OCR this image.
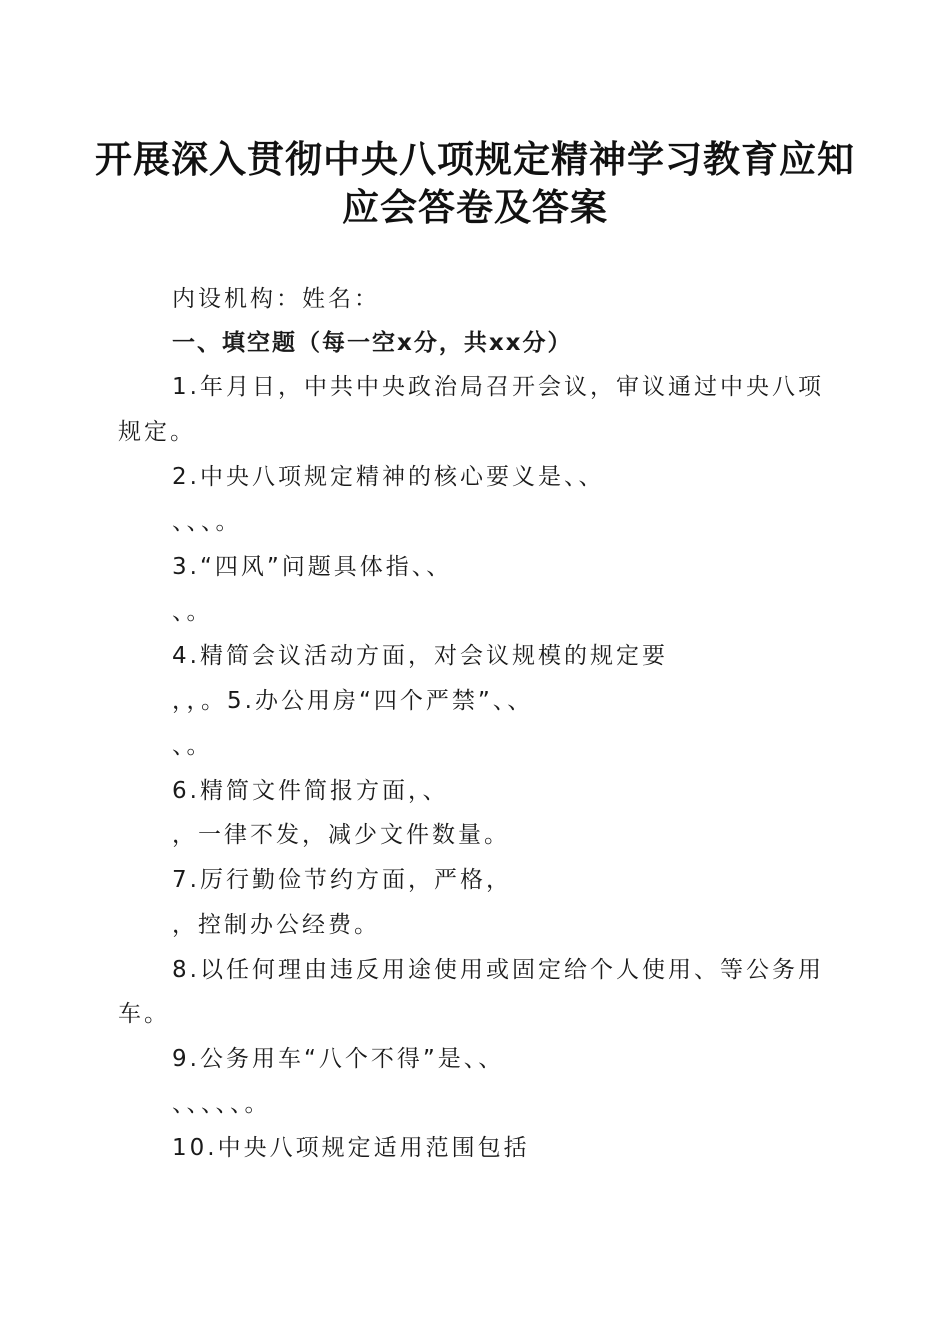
开展深入贯彻中央八项规定精神学习教育应知
应会答卷及答案
内设机构：姓名：
一、填空题（每一空x分，共xx分）
1.年月日，中共中央政治局召开会议，审议通过中央八项
规定。
2.中央八项规定精神的核心要义是、、
、、、。
3.“四风”问题具体指、、
、。
4.精简会议活动方面，对会议规模的规定要
，，。5.办公用房“四个严禁”、、
、。
6.精简文件简报方面，、
，一律不发，减少文件数量。
7.厉行勤俭节约方面，严格，
，控制办公经费。
8.以任何理由违反用途使用或固定给个人使用、等公务用
车。
9.公务用车“八个不得”是、、
、、、、、。
10.中央八项规定适用范围包括
